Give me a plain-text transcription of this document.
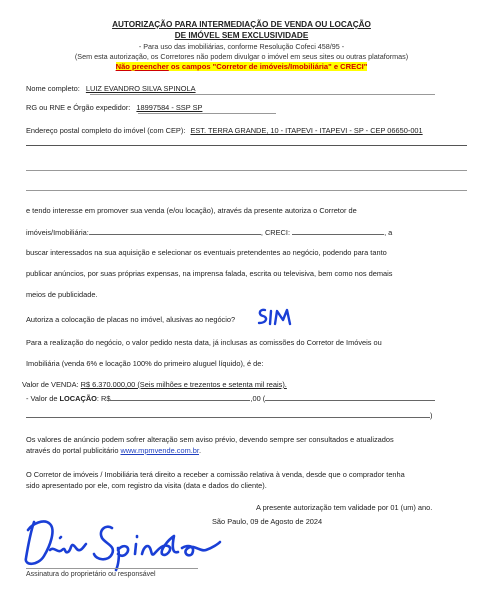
AUTORIZAÇÃO PARA INTERMEDIAÇÃO DE VENDA OU LOCAÇÃO
DE IMÓVEL SEM EXCLUSIVIDADE
- Para uso das imobiliárias, conforme Resolução Cofeci 458/95 -
(Sem esta autorização, os Corretores não podem divulgar o imóvel em seus sites ou outras plataformas)
Não preencher os campos "Corretor de imóveis/Imobiliária" e CRECI"
Nome completo: LUIZ EVANDRO SILVA SPINOLA
RG ou RNE e Órgão expedidor: 18997584 - SSP SP
Endereço postal completo do imóvel (com CEP): EST. TERRA GRANDE, 10 - ITAPEVI - ITAPEVI - SP - CEP 06650-001
e tendo interesse em promover sua venda (e/ou locação), através da presente autoriza o Corretor de
imóveis/Imobiliária:	, CRECI:	, a
buscar interessados na sua aquisição e selecionar os eventuais pretendentes ao negócio, podendo para tanto
publicar anúncios, por suas próprias expensas, na imprensa falada, escrita ou televisiva, bem como nos demais
meios de publicidade.
Autoriza a colocação de placas no imóvel, alusivas ao negócio?
Para a realização do negócio, o valor pedido nesta data, já inclusas as comissões do Corretor de Imóveis ou
Imobiliária (venda 6% e locação 100% do primeiro aluguel líquido), é de:
Valor de VENDA: R$ 6.370.000,00 (Seis milhões e trezentos e setenta mil reais).
- Valor de LOCAÇÃO: R$	,00 (
)
Os valores de anúncio podem sofrer alteração sem aviso prévio, devendo sempre ser consultados e atualizados
através do portal publicitário www.mpmvende.com.br.
O Corretor de imóveis / Imobiliária terá direito a receber a comissão relativa à venda, desde que o comprador tenha
sido apresentado por ele, com registro da visita (data e dados do cliente).
A presente autorização tem validade por 01 (um) ano.
São Paulo, 09 de Agosto de 2024
Assinatura do proprietário ou responsável
